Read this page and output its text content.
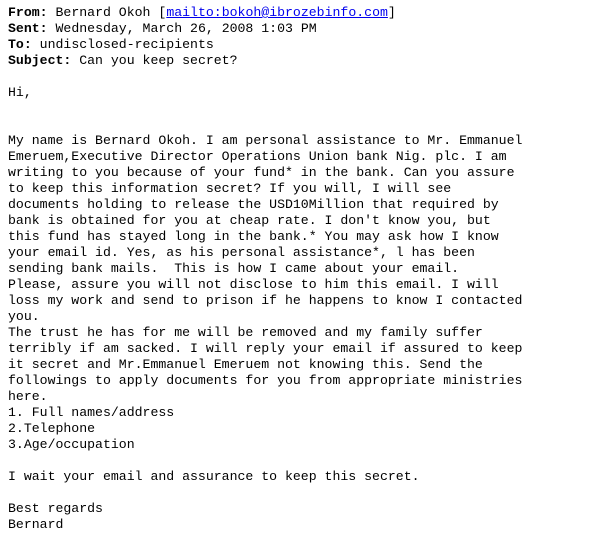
From: Bernard Okoh [mailto:bokoh@ibrozebinfo.com]
Sent: Wednesday, March 26, 2008 1:03 PM
To: undisclosed-recipients
Subject: Can you keep secret?
Hi,
My name is Bernard Okoh. I am personal assistance to Mr. Emmanuel
Emeruem,Executive Director Operations Union bank Nig. plc. I am
writing to you because of your fund* in the bank. Can you assure
to keep this information secret? If you will, I will see
documents holding to release the USD10Million that required by
bank is obtained for you at cheap rate. I don't know you, but
this fund has stayed long in the bank.* You may ask how I know
your email id. Yes, as his personal assistance*, l has been
sending bank mails.  This is how I came about your email.
Please, assure you will not disclose to him this email. I will
loss my work and send to prison if he happens to know I contacted
you.
The trust he has for me will be removed and my family suffer
terribly if am sacked. I will reply your email if assured to keep
it secret and Mr.Emmanuel Emeruem not knowing this. Send the
followings to apply documents for you from appropriate ministries
here.
1. Full names/address
2.Telephone
3.Age/occupation
I wait your email and assurance to keep this secret.
Best regards
Bernard
